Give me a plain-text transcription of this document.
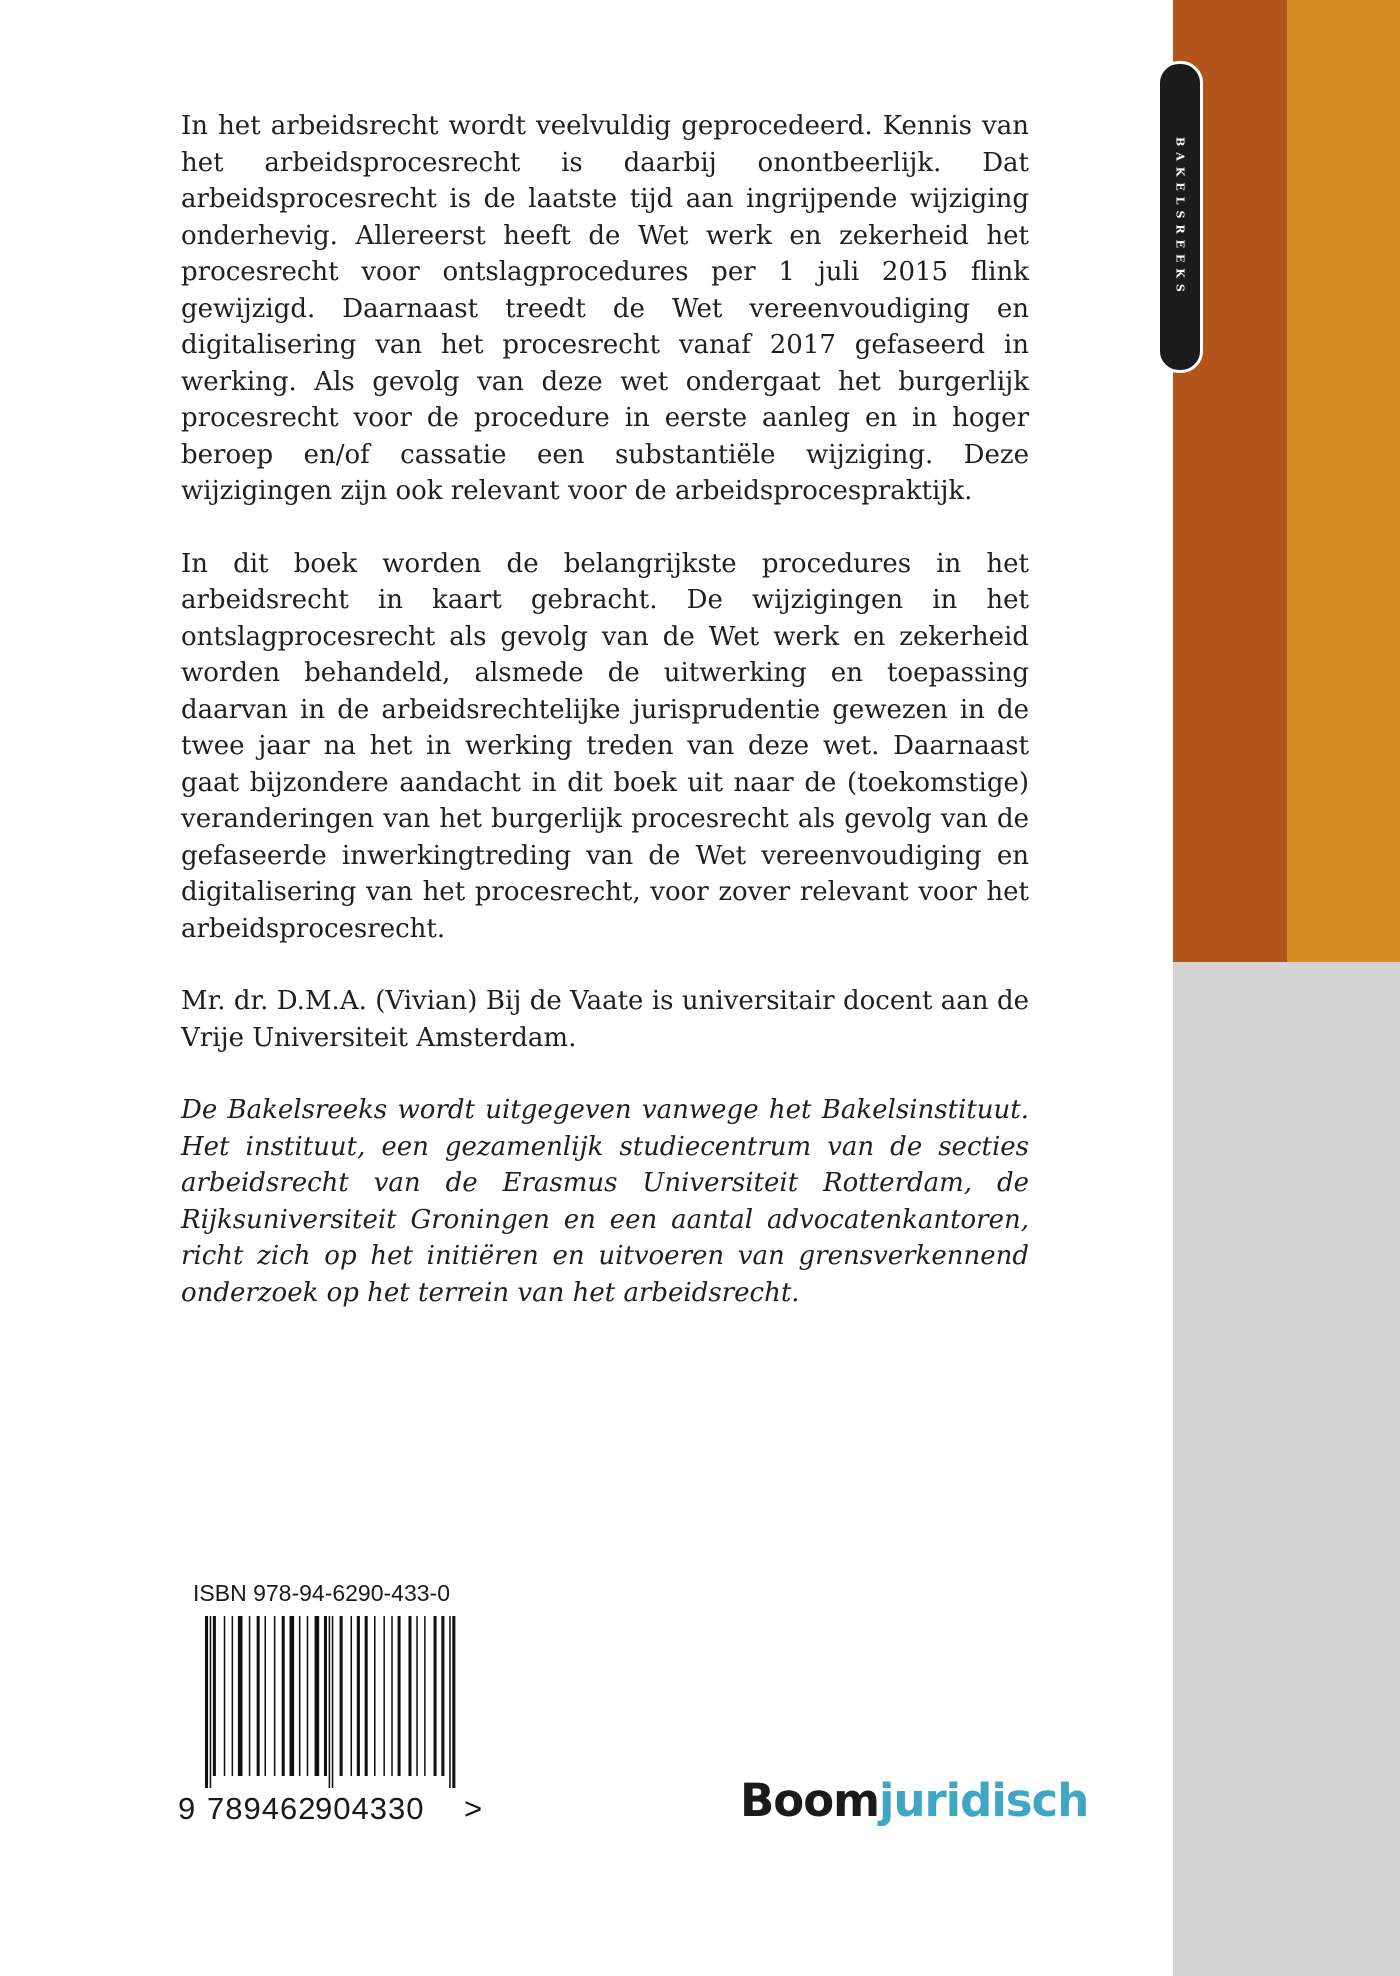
BAKELSREEKS

In het arbeidsrecht wordt veelvuldig geprocedeerd. Kennis van het arbeidsprocesrecht is daarbij onontbeerlijk. Dat arbeidsprocesrecht is de laatste tijd aan ingrijpende wijziging onderhevig. Allereerst heeft de Wet werk en zekerheid het procesrecht voor ontslagprocedures per 1 juli 2015 flink gewijzigd. Daarnaast treedt de Wet vereenvoudiging en digitalisering van het procesrecht vanaf 2017 gefaseerd in werking. Als gevolg van deze wet ondergaat het burgerlijk procesrecht voor de procedure in eerste aanleg en in hoger beroep en/of cassatie een substantiële wijziging. Deze wijzigingen zijn ook relevant voor de arbeidsprocespraktijk.

In dit boek worden de belangrijkste procedures in het arbeidsrecht in kaart gebracht. De wijzigingen in het ontslagprocesrecht als gevolg van de Wet werk en zekerheid worden behandeld, alsmede de uitwerking en toepassing daarvan in de arbeidsrechtelijke jurisprudentie gewezen in de twee jaar na het in werking treden van deze wet. Daarnaast gaat bijzondere aandacht in dit boek uit naar de (toekomstige) veranderingen van het burgerlijk procesrecht als gevolg van de gefaseerde inwerkingtreding van de Wet vereenvoudiging en digitalisering van het procesrecht, voor zover relevant voor het arbeidsprocesrecht.

Mr. dr. D.M.A. (Vivian) Bij de Vaate is universitair docent aan de Vrije Universiteit Amsterdam.

De Bakelsreeks wordt uitgegeven vanwege het Bakelsinstituut. Het instituut, een gezamenlijk studiecentrum van de secties arbeidsrecht van de Erasmus Universiteit Rotterdam, de Rijksuniversiteit Groningen en een aantal advocatenkantoren, richt zich op het initiëren en uitvoeren van grensverkennend onderzoek op het terrein van het arbeidsrecht.

ISBN 978-94-6290-433-0
9 789462
904330 >	Boomjuridisch
